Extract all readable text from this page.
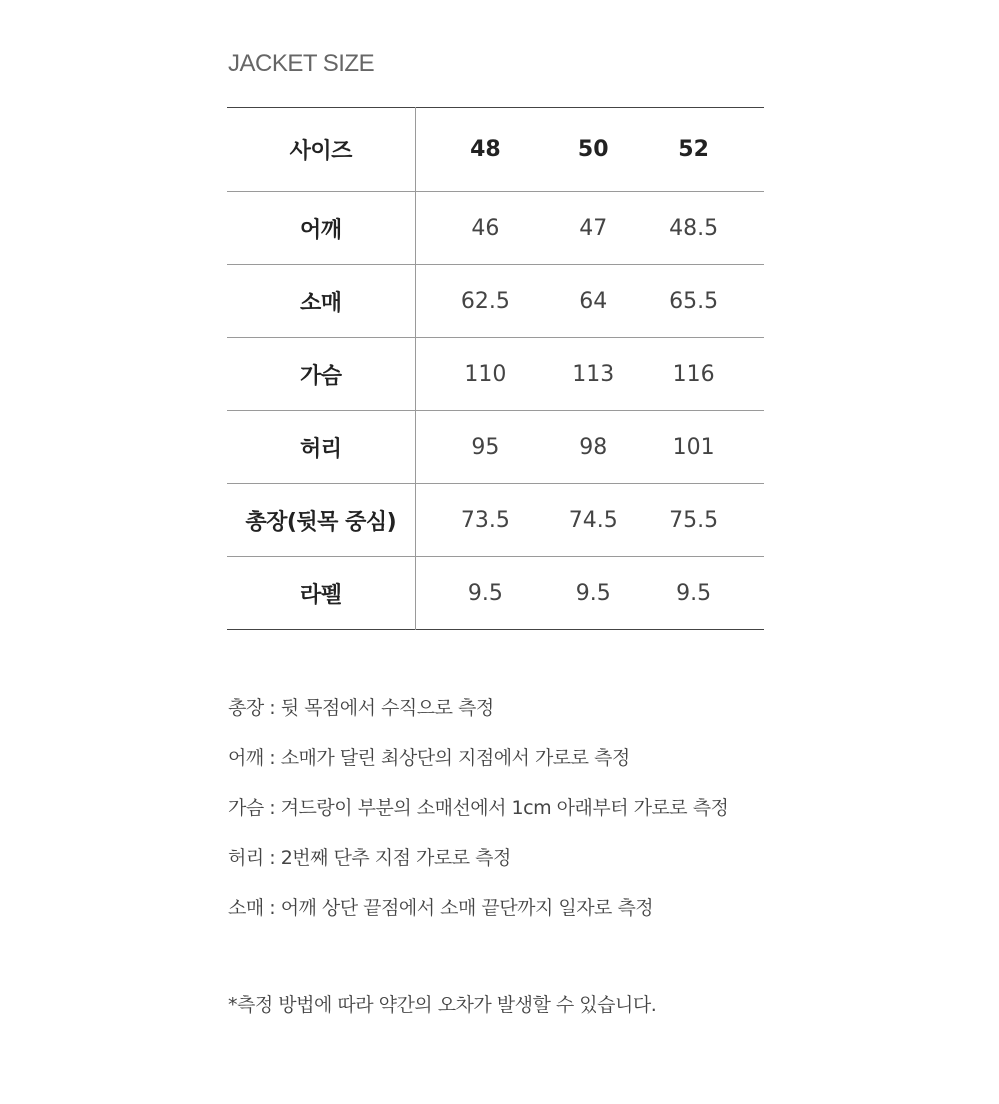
JACKET SIZE
사이즈	48	50	52	
어깨	46	47	48.5	
소매	62.5	64	65.5	
가슴	110	113	116	
허리	95	98	101	
총장(뒷목 중심)	73.5	74.5	75.5	
라펠	9.5	9.5	9.5	
총장 : 뒷 목점에서 수직으로 측정
어깨 : 소매가 달린 최상단의 지점에서 가로로 측정
가슴 : 겨드랑이 부분의 소매선에서 1cm 아래부터 가로로 측정
허리 : 2번째 단추 지점 가로로 측정
소매 : 어깨 상단 끝점에서 소매 끝단까지 일자로 측정
*측정 방법에 따라 약간의 오차가 발생할 수 있습니다.
